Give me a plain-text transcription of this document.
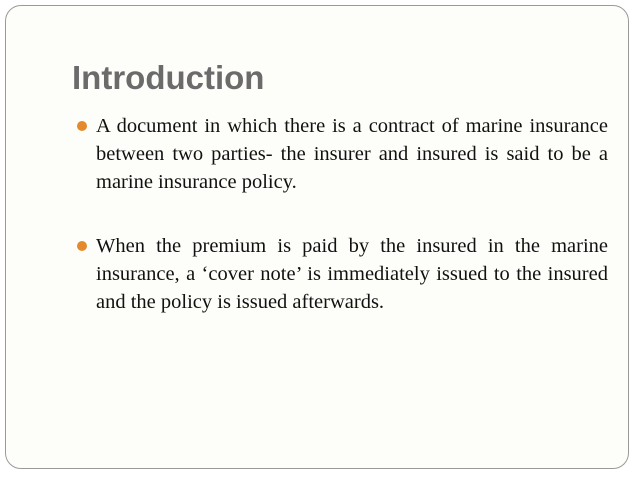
Introduction
A document in which there is a contract of marine insurance between two parties- the insurer and insured is said to be a marine insurance policy.
When the premium is paid by the insured in the marine insurance, a ‘cover note’ is immediately issued to the insured and the policy is issued afterwards.
